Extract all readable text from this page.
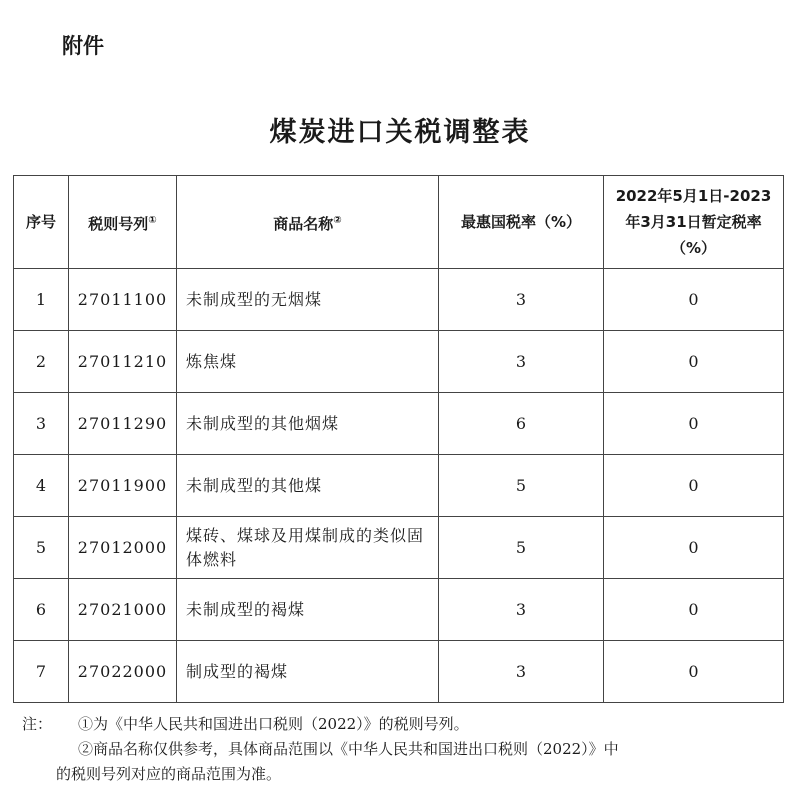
附件
煤炭进口关税调整表
序号	税则号列①	商品名称②	最惠国税率（%）	2022年5月1日-2023
年3月31日暂定税率
（%）

1	27011100	未制成型的无烟煤	3	0
2	27011210	炼焦煤	3	0
3	27011290	未制成型的其他烟煤	6	0
4	27011900	未制成型的其他煤	5	0
5	27012000	煤砖、煤球及用煤制成的类似固体燃料	5	0
6	27021000	未制成型的褐煤	3	0
7	27022000	制成型的褐煤	3	0
注： ①为《中华人民共和国进出口税则（2022）》的税则号列。
②商品名称仅供参考，具体商品范围以《中华人民共和国进出口税则（2022）》中
的税则号列对应的商品范围为准。
